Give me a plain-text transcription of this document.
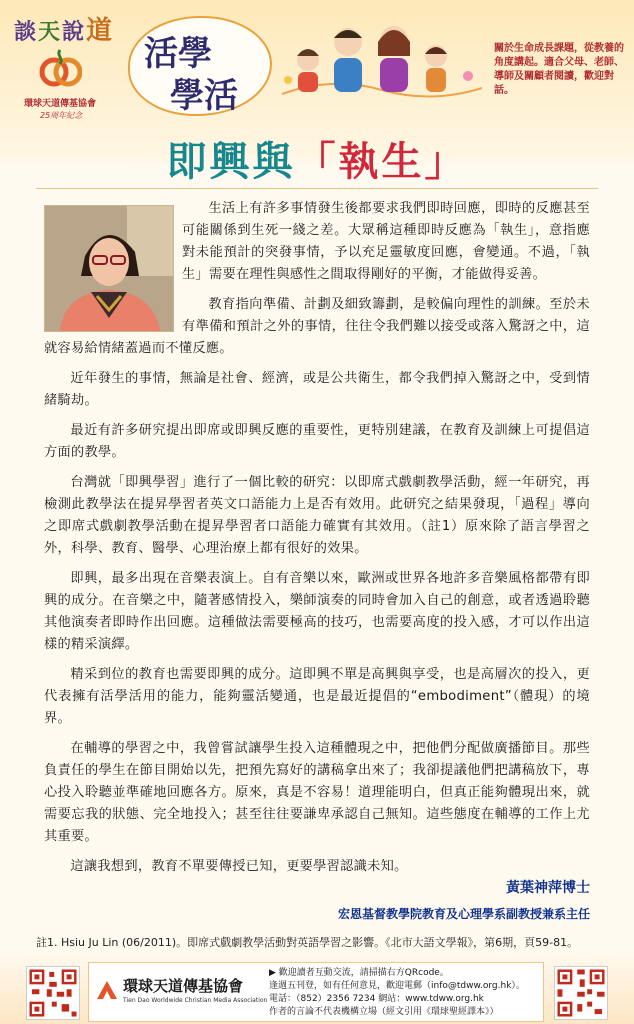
談天說道
環球天道傳基協會
25周年紀念
活學
學活
關於生命成長課題，從教養的角度講起。適合父母、老師、導師及關顧者閱讀，歡迎對話。
即興與「執生」

生活上有許多事情發生後都要求我們即時回應，即時的反應甚至可能關係到生死一綫之差。大眾稱這種即時反應為「執生」，意指應對未能預計的突發事情，予以充足靈敏度回應，會變通。不過，「執生」需要在理性與感性之間取得剛好的平衡，才能做得妥善。

教育指向準備、計劃及細致籌劃，是較偏向理性的訓練。至於未有準備和預計之外的事情，往往令我們難以接受或落入驚訝之中，這就容易給情緒蓋過而不懂反應。

近年發生的事情，無論是社會、經濟，或是公共衛生，都令我們掉入驚訝之中，受到情緒騎劫。

最近有許多研究提出即席或即興反應的重要性，更特別建議，在教育及訓練上可提倡這方面的教學。

台灣就「即興學習」進行了一個比較的研究：以即席式戲劇教學活動，經一年研究，再檢測此教學法在提昇學習者英文口語能力上是否有效用。此研究之結果發現，「過程」導向之即席式戲劇教學活動在提昇學習者口語能力確實有其效用。（註1）原來除了語言學習之外，科學、教育、醫學、心理治療上都有很好的效果。

即興，最多出現在音樂表演上。自有音樂以來，歐洲或世界各地許多音樂風格都帶有即興的成分。在音樂之中，隨著感情投入，樂師演奏的同時會加入自己的創意，或者透過聆聽其他演奏者即時作出回應。這種做法需要極高的技巧，也需要高度的投入感，才可以作出這樣的精采演繹。

精采到位的教育也需要即興的成分。這即興不單是高興與享受，也是高層次的投入，更代表擁有活學活用的能力，能夠靈活變通，也是最近提倡的“embodiment”（體現）的境界。

在輔導的學習之中，我曾嘗試讓學生投入這種體現之中，把他們分配做廣播節目。那些負責任的學生在節目開始以先，把預先寫好的講稿拿出來了；我卻提議他們把講稿放下，專心投入聆聽並準確地回應各方。原來，真是不容易！道理能明白，但真正能夠體現出來，就需要忘我的狀態、完全地投入；甚至往往要謙卑承認自己無知。這些態度在輔導的工作上尤其重要。

這讓我想到，教育不單要傳授已知，更要學習認識未知。

黃葉神萍博士
宏恩基督教學院教育及心理學系副教授兼系主任
註1. Hsiu Ju Lin (06/2011)。即席式戲劇教學活動對英語學習之影響。《北市大語文學報》，第6期，頁59-81。
環球天道傳基協會
Tien Dao Worldwide Christian Media Association
▶ 歡迎讀者互動交流，請掃描右方QRcode。
逢週五刊登，如有任何意見，歡迎電郵（info@tdww.org.hk）。
電話：（852）2356 7234 網站：www.tdww.org.hk
作者的言論不代表機構立場（經文引用《環球聖經譯本》）
